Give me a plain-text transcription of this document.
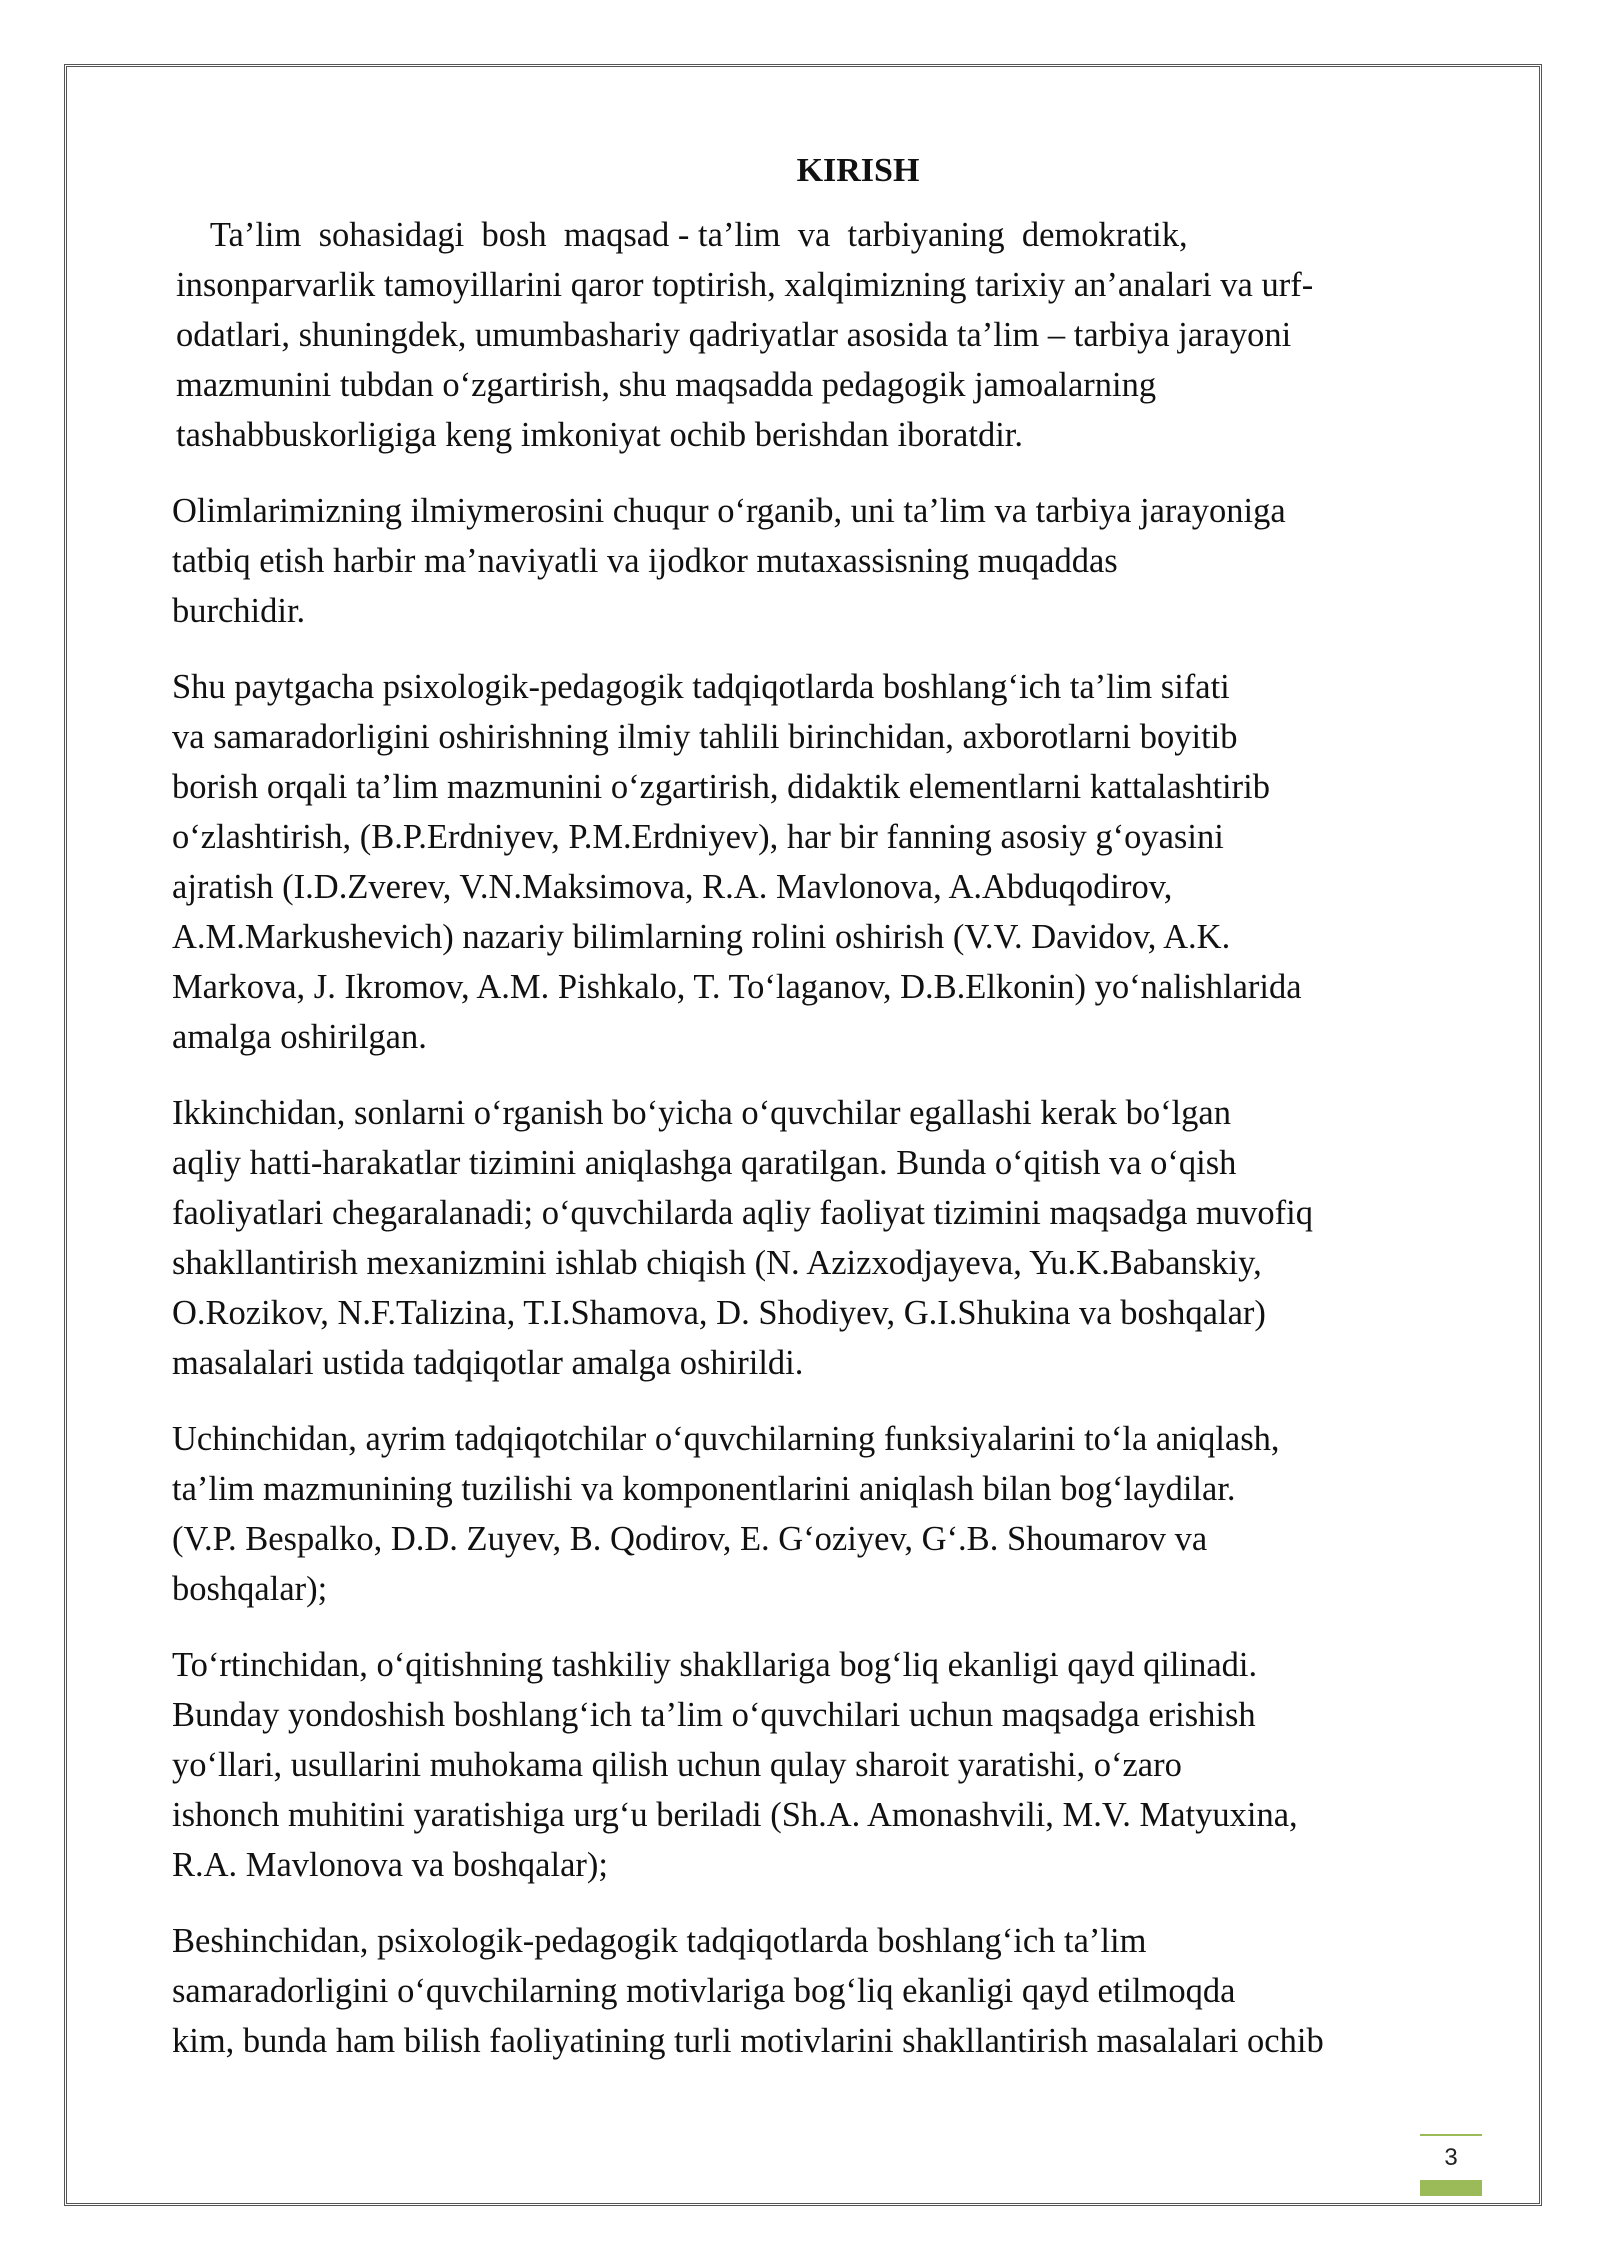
KIRISH

Ta’lim  sohasidagi  bosh  maqsad - ta’lim  va  tarbiyaning  demokratik,
insonparvarlik tamoyillarini qaror toptirish, xalqimizning tarixiy an’analari va urf-
odatlari, shuningdek, umumbashariy qadriyatlar asosida ta’lim – tarbiya jarayoni
mazmunini tubdan o‘zgartirish, shu maqsadda pedagogik jamoalarning
tashabbuskorligiga keng imkoniyat ochib berishdan iboratdir.

Olimlarimizning ilmiymerosini chuqur o‘rganib, uni ta’lim va tarbiya jarayoniga
tatbiq etish harbir ma’naviyatli va ijodkor mutaxassisning muqaddas
burchidir.

Shu paytgacha psixologik-pedagogik tadqiqotlarda boshlang‘ich ta’lim sifati
va samaradorligini oshirishning ilmiy tahlili birinchidan, axborotlarni boyitib
borish orqali ta’lim mazmunini o‘zgartirish, didaktik elementlarni kattalashtirib
o‘zlashtirish, (B.P.Erdniyev, P.M.Erdniyev), har bir fanning asosiy g‘oyasini
ajratish (I.D.Zverev, V.N.Maksimova, R.A. Mavlonova, A.Abduqodirov,
A.M.Markushevich) nazariy bilimlarning rolini oshirish (V.V. Davidov, A.K.
Markova, J. Ikromov, A.M. Pishkalo, T. To‘laganov, D.B.Elkonin) yo‘nalishlarida
amalga oshirilgan.

Ikkinchidan, sonlarni o‘rganish bo‘yicha o‘quvchilar egallashi kerak bo‘lgan
aqliy hatti-harakatlar tizimini aniqlashga qaratilgan. Bunda o‘qitish va o‘qish
faoliyatlari chegaralanadi; o‘quvchilarda aqliy faoliyat tizimini maqsadga muvofiq
shakllantirish mexanizmini ishlab chiqish (N. Azizxodjayeva, Yu.K.Babanskiy,
O.Rozikov, N.F.Talizina, T.I.Shamova, D. Shodiyev, G.I.Shukina va boshqalar)
masalalari ustida tadqiqotlar amalga oshirildi.

Uchinchidan, ayrim tadqiqotchilar o‘quvchilarning funksiyalarini to‘la aniqlash,
ta’lim mazmunining tuzilishi va komponentlarini aniqlash bilan bog‘laydilar.
(V.P. Bespalko, D.D. Zuyev, B. Qodirov, E. G‘oziyev, G‘.B. Shoumarov va
boshqalar);

To‘rtinchidan, o‘qitishning tashkiliy shakllariga bog‘liq ekanligi qayd qilinadi.
Bunday yondoshish boshlang‘ich ta’lim o‘quvchilari uchun maqsadga erishish
yo‘llari, usullarini muhokama qilish uchun qulay sharoit yaratishi, o‘zaro
ishonch muhitini yaratishiga urg‘u beriladi (Sh.A. Amonashvili, M.V. Matyuxina,
R.A. Mavlonova va boshqalar);

Beshinchidan, psixologik-pedagogik tadqiqotlarda boshlang‘ich ta’lim
samaradorligini o‘quvchilarning motivlariga bog‘liq ekanligi qayd etilmoqda
kim, bunda ham bilish faoliyatining turli motivlarini shakllantirish masalalari ochib

3
